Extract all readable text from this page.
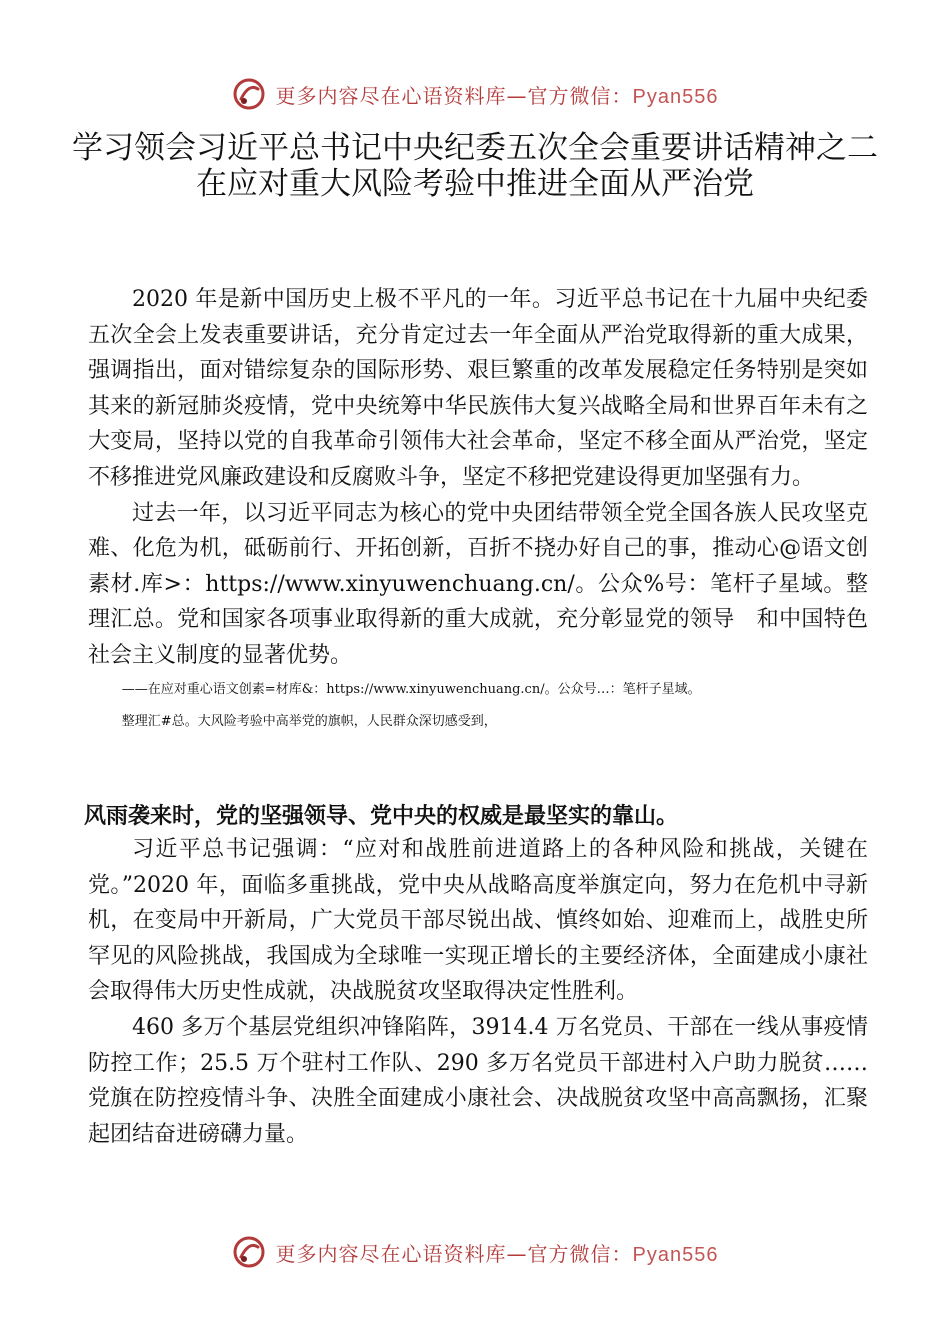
更多内容尽在心语资料库—官方微信：Pyan556
学习领会习近平总书记中央纪委五次全会重要讲话精神之二
在应对重大风险考验中推进全面从严治党

2020 年是新中国历史上极不平凡的一年。习近平总书记在十九届中央纪委五次全会上发表重要讲话，充分肯定过去一年全面从严治党取得新的重大成果，强调指出，面对错综复杂的国际形势、艰巨繁重的改革发展稳定任务特别是突如其来的新冠肺炎疫情，党中央统筹中华民族伟大复兴战略全局和世界百年未有之大变局，坚持以党的自我革命引领伟大社会革命，坚定不移全面从严治党，坚定不移推进党风廉政建设和反腐败斗争，坚定不移把党建设得更加坚强有力。

过去一年，以习近平同志为核心的党中央团结带领全党全国各族人民攻坚克难、化危为机，砥砺前行、开拓创新，百折不挠办好自己的事，推动心@语文创素材.库>：https://www.xinyuwenchuang.cn/。公众%号：笔杆子星域。整理汇总。党和国家各项事业取得新的重大成就，充分彰显党的领导　和中国特色社会主义制度的显著优势。

——在应对重心语文创素=材库&：https://www.xinyuwenchuang.cn/。公众号…：笔杆子星域。

整理汇#总。大风险考验中高举党的旗帜，人民群众深切感受到，

风雨袭来时，党的坚强领导、党中央的权威是最坚实的靠山。

习近平总书记强调：“应对和战胜前进道路上的各种风险和挑战，关键在党。”2020 年，面临多重挑战，党中央从战略高度举旗定向，努力在危机中寻新机，在变局中开新局，广大党员干部尽锐出战、慎终如始、迎难而上，战胜史所罕见的风险挑战，我国成为全球唯一实现正增长的主要经济体，全面建成小康社会取得伟大历史性成就，决战脱贫攻坚取得决定性胜利。

460 多万个基层党组织冲锋陷阵，3914.4 万名党员、干部在一线从事疫情防控工作；25.5 万个驻村工作队、290 多万名党员干部进村入户助力脱贫……党旗在防控疫情斗争、决胜全面建成小康社会、决战脱贫攻坚中高高飘扬，汇聚起团结奋进磅礴力量。

更多内容尽在心语资料库—官方微信：Pyan556
